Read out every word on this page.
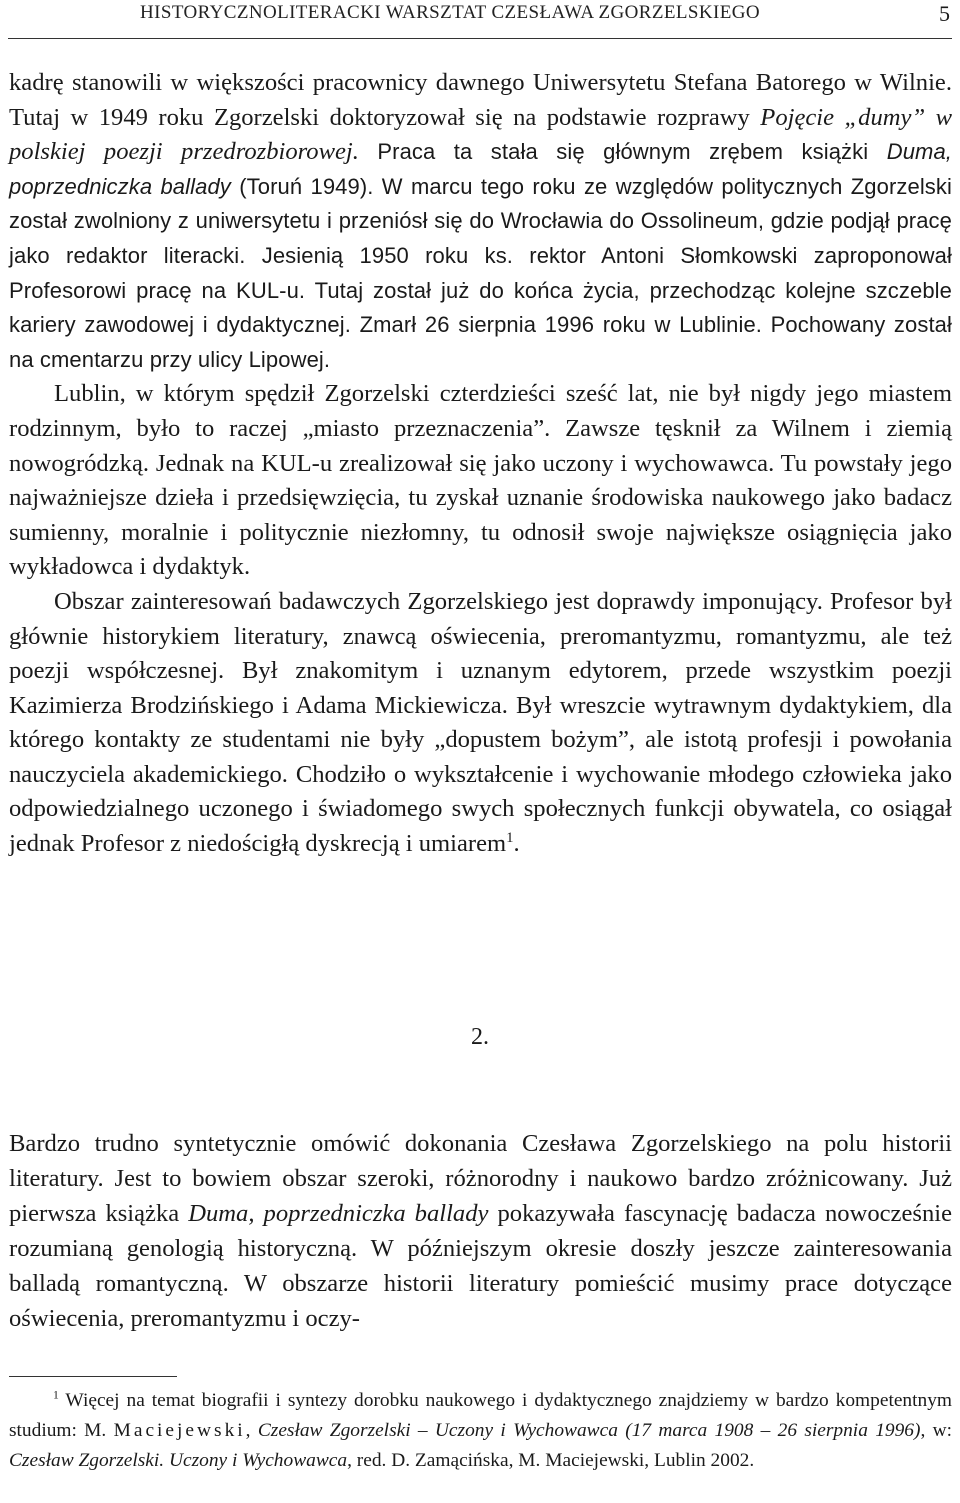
HISTORYCZNOLITERACKI WARSZTAT CZESŁAWA ZGORZELSKIEGO	5

kadrę stanowili w większości pracownicy dawnego Uniwersytetu Stefana Batorego w Wilnie. Tutaj w 1949 roku Zgorzelski doktoryzował się na podstawie rozprawy Pojęcie „dumy” w polskiej poezji przedrozbiorowej. Praca ta stała się głównym zrębem książki Duma, poprzedniczka ballady (Toruń 1949). W marcu tego roku ze względów politycznych Zgorzelski został zwolniony z uniwersytetu i przeniósł się do Wrocławia do Ossolineum, gdzie podjął pracę jako redaktor literacki. Jesienią 1950 roku ks. rektor Antoni Słomkowski zaproponował Profesorowi pracę na KUL-u. Tutaj został już do końca życia, przechodząc kolejne szczeble kariery zawodowej i dydaktycznej. Zmarł 26 sierpnia 1996 roku w Lublinie. Pochowany został na cmentarzu przy ulicy Lipowej.

Lublin, w którym spędził Zgorzelski czterdzieści sześć lat, nie był nigdy jego miastem rodzinnym, było to raczej „miasto przeznaczenia”. Zawsze tęsknił za Wilnem i ziemią nowogródzką. Jednak na KUL-u zrealizował się jako uczony i wychowawca. Tu powstały jego najważniejsze dzieła i przedsięwzięcia, tu zyskał uznanie środowiska naukowego jako badacz sumienny, moralnie i politycznie niezłomny, tu odnosił swoje największe osiągnięcia jako wykładowca i dydaktyk.

Obszar zainteresowań badawczych Zgorzelskiego jest doprawdy imponujący. Profesor był głównie historykiem literatury, znawcą oświecenia, preromantyzmu, romantyzmu, ale też poezji współczesnej. Był znakomitym i uznanym edytorem, przede wszystkim poezji Kazimierza Brodzińskiego i Adama Mickiewicza. Był wreszcie wytrawnym dydaktykiem, dla którego kontakty ze studentami nie były „dopustem bożym”, ale istotą profesji i powołania nauczyciela akademickiego. Chodziło o wykształcenie i wychowanie młodego człowieka jako odpowiedzialnego uczonego i świadomego swych społecznych funkcji obywatela, co osiągał jednak Profesor z niedościgłą dyskrecją i umiarem$^1$.

2.

Bardzo trudno syntetycznie omówić dokonania Czesława Zgorzelskiego na polu historii literatury. Jest to bowiem obszar szeroki, różnorodny i naukowo bardzo zróżnicowany. Już pierwsza książka Duma, poprzedniczka ballady pokazywała fascynację badacza nowocześnie rozumianą genologią historyczną. W późniejszym okresie doszły jeszcze zainteresowania balladą romantyczną. W obszarze historii literatury pomieścić musimy prace dotyczące oświecenia, preromantyzmu i oczy-

$^1$ Więcej na temat biografii i syntezy dorobku naukowego i dydaktycznego znajdziemy w bardzo kompetentnym studium: M. Maciejewski, Czesław Zgorzelski – Uczony i Wychowawca (17 marca 1908 – 26 sierpnia 1996), w: Czesław Zgorzelski. Uczony i Wychowawca, red. D. Zamącińska, M. Maciejewski, Lublin 2002.
